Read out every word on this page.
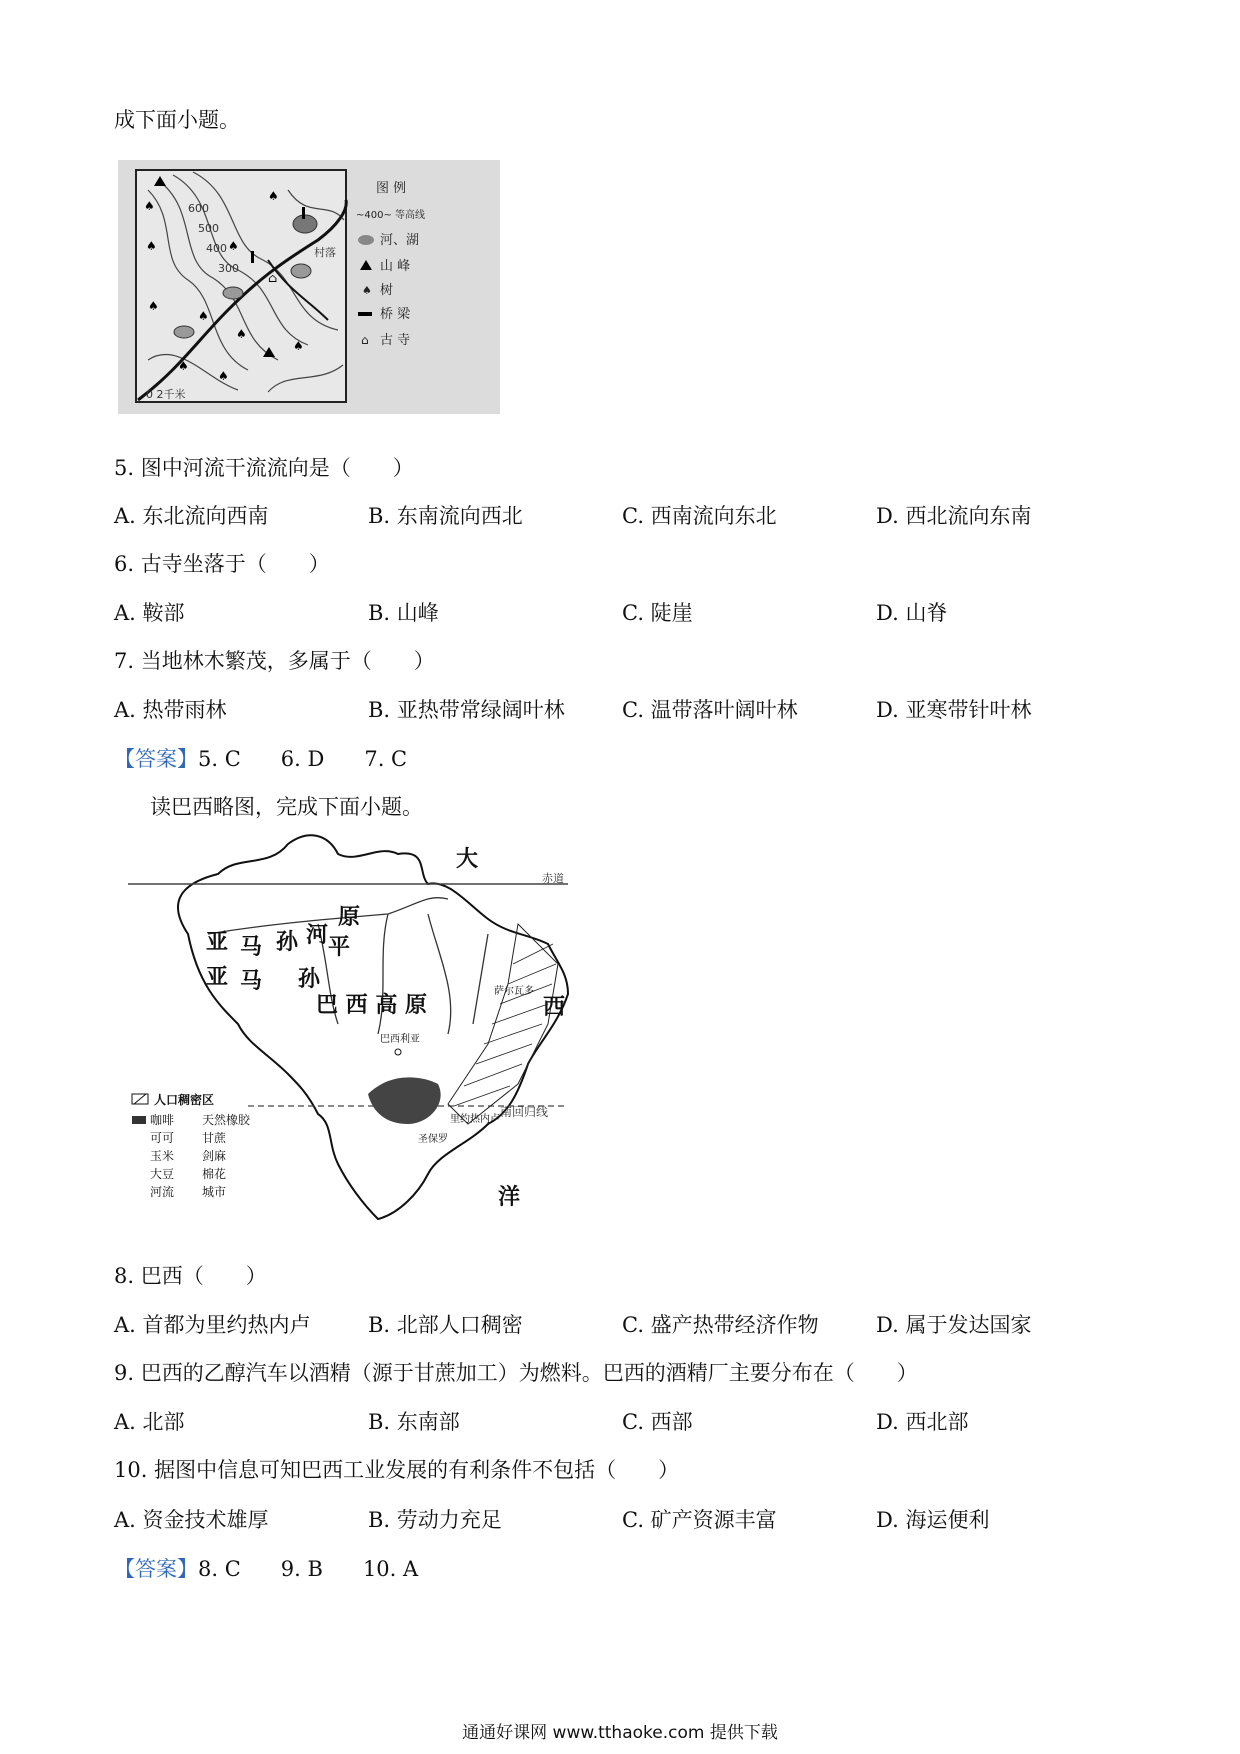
成下面小题。
♠
♠
♠
♠
♠
♠
♠
♠
♠
♠
⌂
600
500
400
300
村落
0 2千米
图 例
~400~ 等高线
河、湖
山 峰
♠ 树
桥 梁
⌂ 古 寺
5. 图中河流干流流向是（　　）
A. 东北流向西南	B. 东南流向西北	C. 西南流向东北	D. 西北流向东南
6. 古寺坐落于（　　）
A. 鞍部	B. 山峰	C. 陡崖	D. 山脊
7. 当地林木繁茂，多属于（　　）
A. 热带雨林	B. 亚热带常绿阔叶林	C. 温带落叶阔叶林	D. 亚寒带针叶林
【答案】5. C 6. D 7. C
读巴西略图，完成下面小题。
赤道
南回归线
亚 马 孙 河 平
原
亚 马 孙
巴 西 高 原
大
西
洋
巴西利亚
里约热内卢
圣保罗
萨尔瓦多
人口稠密区
咖啡 天然橡胶
可可 甘蔗
玉米 剑麻
大豆 棉花
河流 城市
8. 巴西（　　）
A. 首都为里约热内卢	B. 北部人口稠密	C. 盛产热带经济作物	D. 属于发达国家
9. 巴西的乙醇汽车以酒精（源于甘蔗加工）为燃料。巴西的酒精厂主要分布在（　　）
A. 北部	B. 东南部	C. 西部	D. 西北部
10. 据图中信息可知巴西工业发展的有利条件不包括（　　）
A. 资金技术雄厚	B. 劳动力充足	C. 矿产资源丰富	D. 海运便利
【答案】8. C 9. B 10. A
通通好课网 www.tthaoke.com 提供下载
